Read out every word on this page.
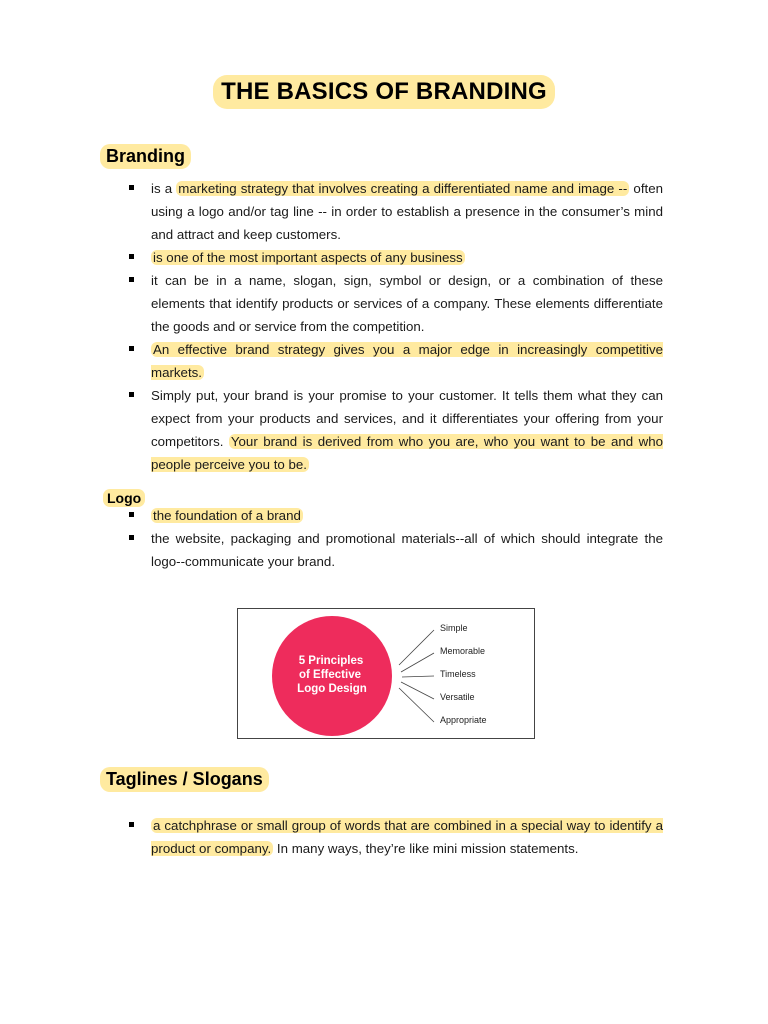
THE BASICS OF BRANDING
Branding
is a marketing strategy that involves creating a differentiated name and image -- often using a logo and/or tag line -- in order to establish a presence in the consumer’s mind and attract and keep customers.
is one of the most important aspects of any business
it can be in a name, slogan, sign, symbol or design, or a combination of these elements that identify products or services of a company. These elements differentiate the goods and or service from the competition.
An effective brand strategy gives you a major edge in increasingly competitive markets.
Simply put, your brand is your promise to your customer. It tells them what they can expect from your products and services, and it differentiates your offering from your competitors. Your brand is derived from who you are, who you want to be and who people perceive you to be.
Logo
the foundation of a brand
the website, packaging and promotional materials--all of which should integrate the logo--communicate your brand.
5 Principles
of Effective
Logo Design
Simple
Memorable
Timeless
Versatile
Appropriate
Taglines / Slogans
a catchphrase or small group of words that are combined in a special way to identify a product or company. In many ways, they’re like mini mission statements.
